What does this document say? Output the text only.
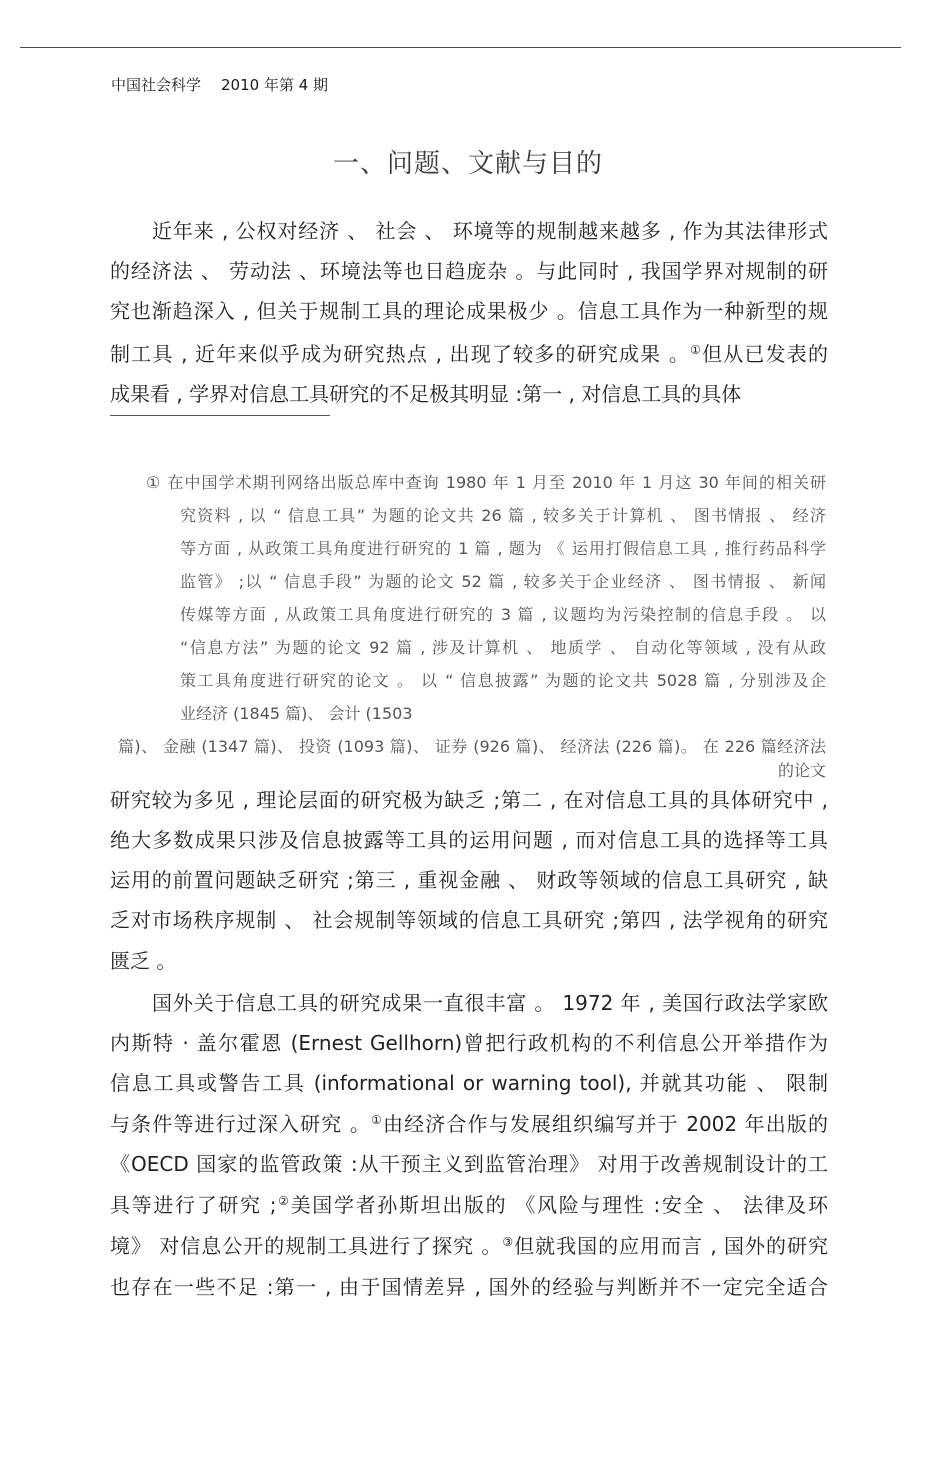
中国社会科学 2010 年第 4 期
一、问题、文献与目的
近年来 , 公权对经济 、 社会 、 环境等的规制越来越多 , 作为其法律形式
的经济法 、 劳动法 、环境法等也日趋庞杂 。与此同时 , 我国学界对规制的研
究也渐趋深入 , 但关于规制工具的理论成果极少 。信息工具作为一种新型的规
制工具 , 近年来似乎成为研究热点 , 出现了较多的研究成果 。①但从已发表的
成果看 , 学界对信息工具研究的不足极其明显 :第一 , 对信息工具的具体
① 在中国学术期刊网络出版总库中查询 1980 年 1 月至 2010 年 1 月这 30 年间的相关研
究资料 , 以 “ 信息工具” 为题的论文共 26 篇 , 较多关于计算机 、 图书情报 、 经济
等方面 , 从政策工具角度进行研究的 1 篇 , 题为 《 运用打假信息工具 , 推行药品科学
监管》 ;以 “ 信息手段” 为题的论文 52 篇 , 较多关于企业经济 、 图书情报 、 新闻
传媒等方面 , 从政策工具角度进行研究的 3 篇 , 议题均为污染控制的信息手段 。 以
“信息方法” 为题的论文 92 篇 , 涉及计算机 、 地质学 、 自动化等领域 , 没有从政
策工具角度进行研究的论文 。 以 “ 信息披露” 为题的论文共 5028 篇 , 分别涉及企
业经济 (1845 篇)、 会计 (1503
篇)、 金融 (1347 篇)、 投资 (1093 篇)、 证券 (926 篇)、 经济法 (226 篇)。 在 226 篇经济法
的论文
研究较为多见 , 理论层面的研究极为缺乏 ;第二 , 在对信息工具的具体研究中 ,
绝大多数成果只涉及信息披露等工具的运用问题 , 而对信息工具的选择等工具
运用的前置问题缺乏研究 ;第三 , 重视金融 、 财政等领域的信息工具研究 , 缺
乏对市场秩序规制 、 社会规制等领域的信息工具研究 ;第四 , 法学视角的研究
匮乏 。
国外关于信息工具的研究成果一直很丰富 。 1972 年 , 美国行政法学家欧
内斯特 · 盖尔霍恩 (Ernest Gellhorn)曾把行政机构的不利信息公开举措作为
信息工具或警告工具 (informational or warning tool), 并就其功能 、 限制
与条件等进行过深入研究 。①由经济合作与发展组织编写并于 2002 年出版的
《OECD 国家的监管政策 :从干预主义到监管治理》 对用于改善规制设计的工
具等进行了研究 ;②美国学者孙斯坦出版的 《风险与理性 :安全 、 法律及环
境》 对信息公开的规制工具进行了探究 。③但就我国的应用而言 , 国外的研究
也存在一些不足 :第一 , 由于国情差异 , 国外的经验与判断并不一定完全适合
